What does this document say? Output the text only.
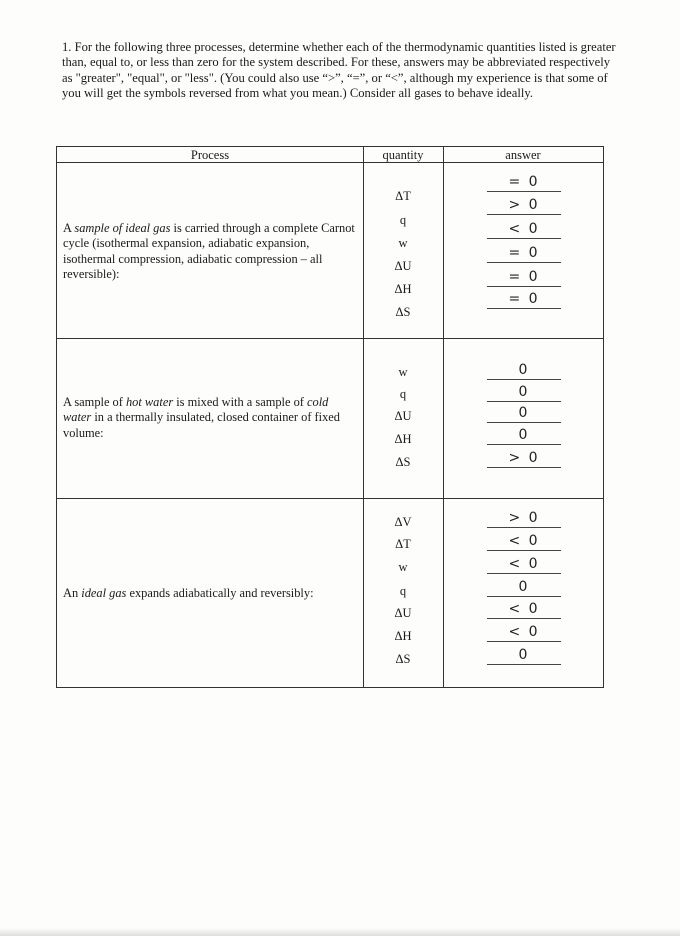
1. For the following three processes, determine whether each of the thermodynamic quantities listed is greater than, equal to, or less than zero for the system described. For these, answers may be abbreviated respectively as "greater", "equal", or "less". (You could also use “>”, “=”, or “<”, although my experience is that some of you will get the symbols reversed from what you mean.) Consider all gases to behave ideally.

Process	quantity	answer
A sample of ideal gas is carried through a complete Carnot cycle (isothermal expansion, adiabatic expansion, isothermal compression, adiabatic compression – all reversible):
ΔT
q
w
ΔU
ΔH
ΔS
= 0
> 0
< 0
= 0
= 0
= 0
A sample of hot water is mixed with a sample of cold water in a thermally insulated, closed container of fixed volume:
w
q
ΔU
ΔH
ΔS
0
0
0
0
> 0
An ideal gas expands adiabatically and reversibly:
ΔV
ΔT
w
q
ΔU
ΔH
ΔS
> 0
< 0
< 0
0
< 0
< 0
0
